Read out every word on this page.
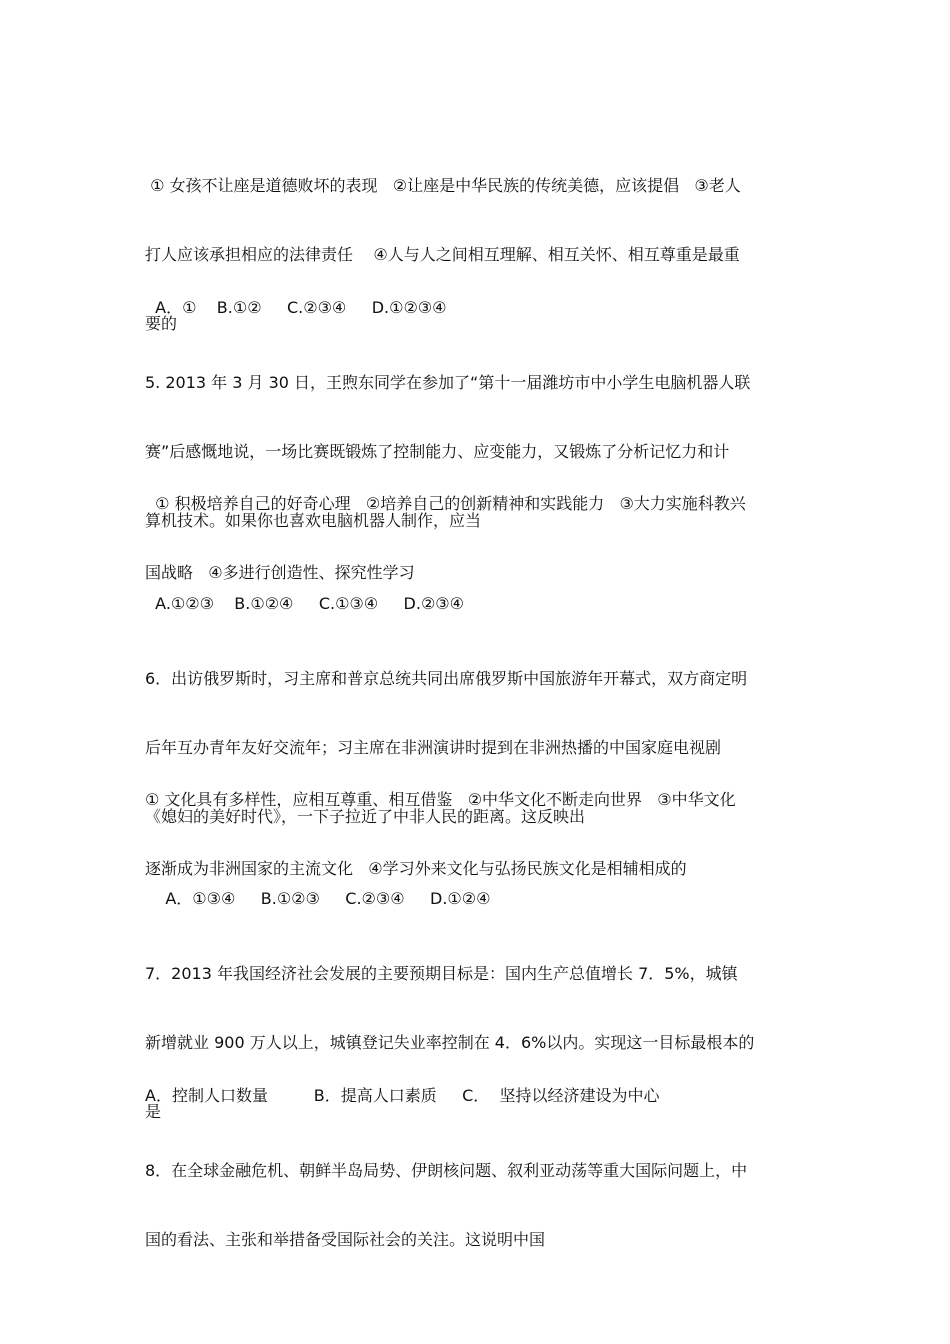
① 女孩不让座是道德败坏的表现   ②让座是中华民族的传统美德，应该提倡   ③老人

打人应该承担相应的法律责任    ④人与人之间相互理解、相互关怀、相互尊重是最重

要的

A．①    B.①②     C.②③④     D.①②③④

5. 2013 年 3 月 30 日，王煦东同学在参加了“第十一届潍坊市中小学生电脑机器人联

赛”后感慨地说，一场比赛既锻炼了控制能力、应变能力，又锻炼了分析记忆力和计

算机技术。如果你也喜欢电脑机器人制作，应当

① 积极培养自己的好奇心理   ②培养自己的创新精神和实践能力   ③大力实施科教兴

国战略   ④多进行创造性、探究性学习

A.①②③    B.①②④     C.①③④     D.②③④

6．出访俄罗斯时，习主席和普京总统共同出席俄罗斯中国旅游年开幕式，双方商定明

后年互办青年友好交流年；习主席在非洲演讲时提到在非洲热播的中国家庭电视剧

《媳妇的美好时代》，一下子拉近了中非人民的距离。这反映出

① 文化具有多样性，应相互尊重、相互借鉴   ②中华文化不断走向世界   ③中华文化

逐渐成为非洲国家的主流文化   ④学习外来文化与弘扬民族文化是相辅相成的

A．①③④     B.①②③     C.②③④     D.①②④

7．2013 年我国经济社会发展的主要预期目标是：国内生产总值增长 7．5%，城镇

新增就业 900 万人以上，城镇登记失业率控制在 4．6%以内。实现这一目标最根本的

是

A．控制人口数量         B．提高人口素质     C．  坚持以经济建设为中心

8．在全球金融危机、朝鲜半岛局势、伊朗核问题、叙利亚动荡等重大国际问题上，中

国的看法、主张和举措备受国际社会的关注。这说明中国
